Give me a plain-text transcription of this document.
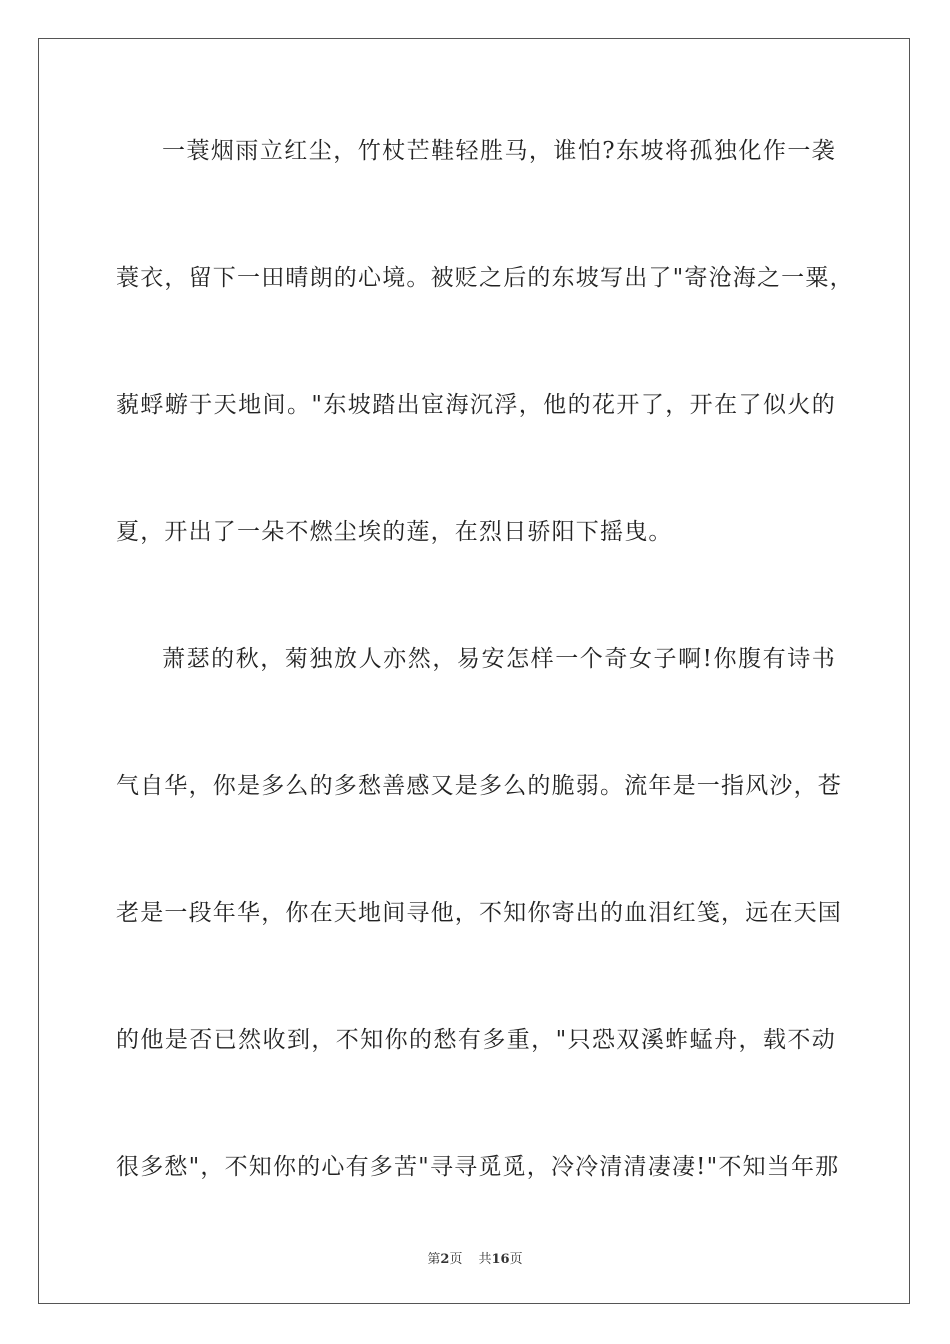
一蓑烟雨立红尘，竹杖芒鞋轻胜马，谁怕?东坡将孤独化作一袭
蓑衣，留下一田晴朗的心境。被贬之后的东坡写出了"寄沧海之一粟，
藐蜉蝣于天地间。"东坡踏出宦海沉浮，他的花开了，开在了似火的
夏，开出了一朵不燃尘埃的莲，在烈日骄阳下摇曳。
萧瑟的秋，菊独放人亦然，易安怎样一个奇女子啊!你腹有诗书
气自华，你是多么的多愁善感又是多么的脆弱。流年是一指风沙，苍
老是一段年华，你在天地间寻他，不知你寄出的血泪红笺，远在天国
的他是否已然收到，不知你的愁有多重，"只恐双溪蚱蜢舟，载不动
很多愁"，不知你的心有多苦"寻寻觅觅，冷冷清清凄凄!"不知当年那
第2页 共16页
